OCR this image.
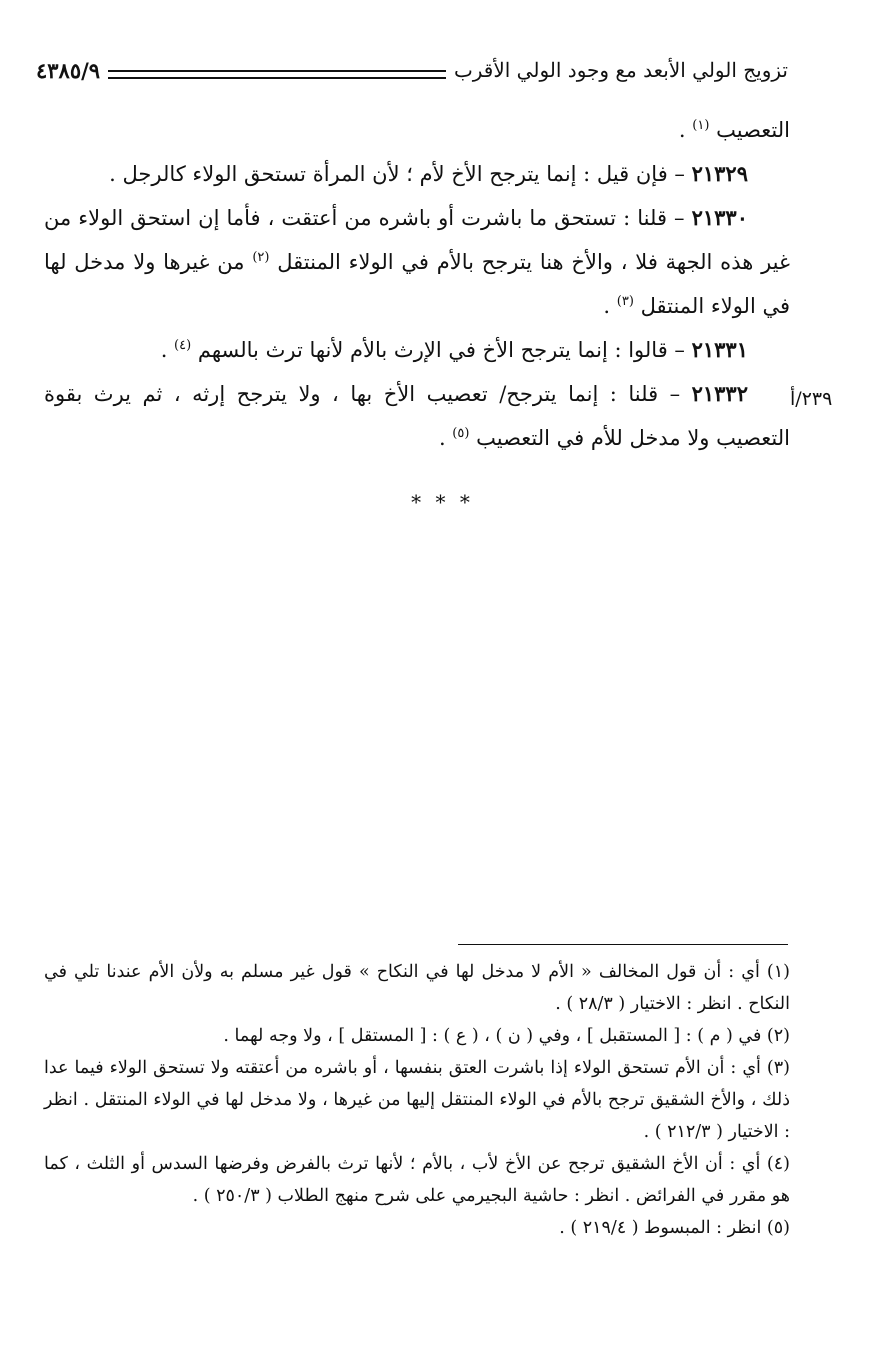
تزويج الولي الأبعد مع وجود الولي الأقرب
٤٣٨٥/٩
٢٣٩/أ

التعصيب $^{(١)}$ .

٢١٣٢٩ – فإن قيل : إنما يترجح الأخ لأم ؛ لأن المرأة تستحق الولاء كالرجل .

٢١٣٣٠ – قلنا : تستحق ما باشرت أو باشره من أعتقت ، فأما إن استحق الولاء من غير هذه الجهة فلا ، والأخ هنا يترجح بالأم في الولاء المنتقل $^{(٢)}$ من غيرها ولا مدخل لها في الولاء المنتقل $^{(٣)}$ .

٢١٣٣١ – قالوا : إنما يترجح الأخ في الإرث بالأم لأنها ترث بالسهم $^{(٤)}$ .

٢١٣٣٢ – قلنا : إنما يترجح/ تعصيب الأخ بها ، ولا يترجح إرثه ، ثم يرث بقوة التعصيب ولا مدخل للأم في التعصيب $^{(٥)}$ .

* * *

(١) أي : أن قول المخالف « الأم لا مدخل لها في النكاح » قول غير مسلم به ولأن الأم عندنا تلي في النكاح . انظر : الاختيار ( ٢٨/٣ ) .

(٢) في ( م ) : [ المستقبل ] ، وفي ( ن ) ، ( ع ) : [ المستقل ] ، ولا وجه لهما .

(٣) أي : أن الأم تستحق الولاء إذا باشرت العتق بنفسها ، أو باشره من أعتقته ولا تستحق الولاء فيما عدا ذلك ، والأخ الشقيق ترجح بالأم في الولاء المنتقل إليها من غيرها ، ولا مدخل لها في الولاء المنتقل . انظر : الاختيار ( ٢١٢/٣ ) .

(٤) أي : أن الأخ الشقيق ترجح عن الأخ لأب ، بالأم ؛ لأنها ترث بالفرض وفرضها السدس أو الثلث ، كما هو مقرر في الفرائض . انظر : حاشية البجيرمي على شرح منهج الطلاب ( ٢٥٠/٣ ) .

(٥) انظر : المبسوط ( ٢١٩/٤ ) .
